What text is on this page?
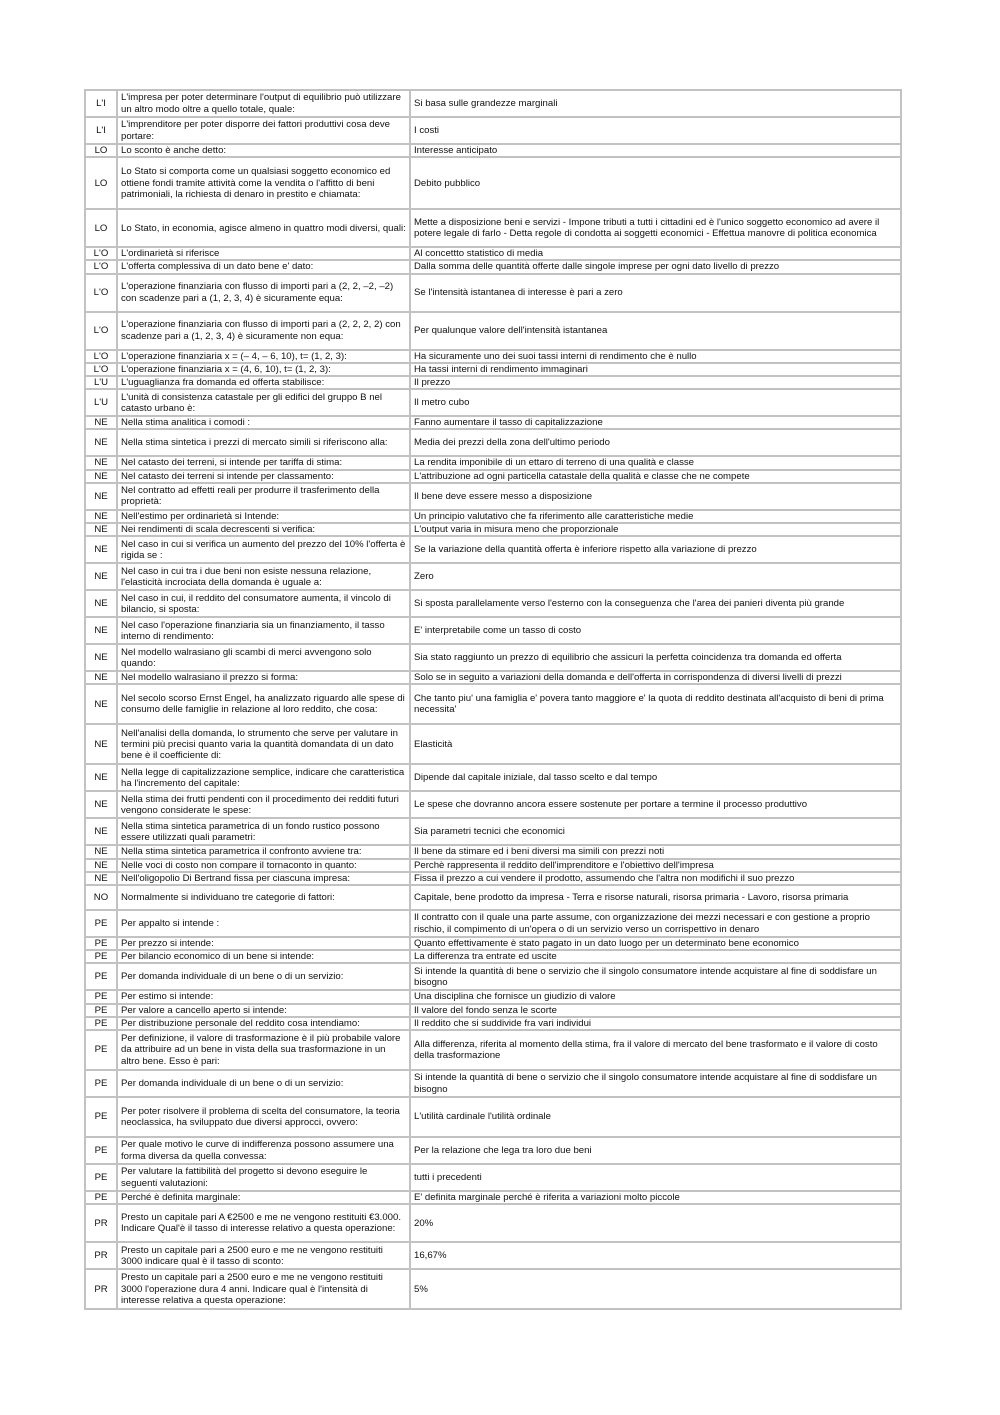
L'I	L'impresa per poter determinare l'output di equilibrio può utilizzare un altro modo oltre a quello totale, quale:	Si basa sulle grandezze marginali
L'I	L'imprenditore per poter disporre dei fattori produttivi cosa deve portare:	I costi
LO	Lo sconto è anche detto:	Interesse anticipato
LO	Lo Stato si comporta come un qualsiasi soggetto economico ed ottiene fondi tramite attività come la vendita o l'affitto di beni patrimoniali, la richiesta di denaro in prestito e chiamata:	Debito pubblico
LO	Lo Stato, in economia, agisce almeno in quattro modi diversi, quali:	Mette a disposizione beni e servizi - Impone tributi a tutti i cittadini ed è l'unico soggetto economico ad avere il potere legale di farlo - Detta regole di condotta ai soggetti economici - Effettua manovre di politica economica
L'O	L'ordinarietà si riferisce	Al concettto statistico di media
L'O	L'offerta complessiva di un dato bene e' dato:	Dalla somma delle quantità offerte dalle singole imprese per ogni dato livello di prezzo
L'O	L'operazione finanziaria con flusso di importi pari a (2, 2, –2, –2) con scadenze pari a (1, 2, 3, 4) è sicuramente equa:	Se l'intensità istantanea di interesse è pari a zero
L'O	L'operazione finanziaria con flusso di importi pari a (2, 2, 2, 2) con scadenze pari a (1, 2, 3, 4) è sicuramente non equa:	Per qualunque valore dell'intensità istantanea
L'O	L'operazione finanziaria x = (– 4, – 6, 10), t= (1, 2, 3):	Ha sicuramente uno dei suoi tassi interni di rendimento che è nullo
L'O	L'operazione finanziaria x = (4, 6, 10), t= (1, 2, 3):	Ha tassi interni di rendimento immaginari
L'U	L'uguaglianza fra domanda ed offerta stabilisce:	Il prezzo
L'U	L'unità di consistenza catastale per gli edifici del gruppo B nel catasto urbano è:	Il metro cubo
NE	Nella stima analitica i comodi :	Fanno aumentare il tasso di capitalizzazione
NE	Nella stima sintetica i prezzi di mercato simili si riferiscono alla:	Media dei prezzi della zona dell'ultimo periodo
NE	Nel catasto dei terreni, si intende per tariffa di stima:	La rendita imponibile di un ettaro di terreno di una qualità e classe
NE	Nel catasto dei terreni si intende per classamento:	L'attribuzione ad ogni particella catastale della qualità e classe che ne compete
NE	Nel contratto ad effetti reali per produrre il trasferimento della proprietà:	Il bene deve essere messo a disposizione
NE	Nell'estimo per ordinarietà si Intende:	Un principio valutativo che fa riferimento alle caratteristiche medie
NE	Nei rendimenti di scala decrescenti si verifica:	L'output varia in misura meno che proporzionale
NE	Nel caso in cui si verifica un aumento del prezzo del 10% l'offerta è rigida se :	Se la variazione della quantità offerta è inferiore rispetto alla variazione di prezzo
NE	Nel caso in cui tra i due beni non esiste nessuna relazione, l'elasticità incrociata della domanda è uguale a:	Zero
NE	Nel caso in cui, il reddito del consumatore aumenta, il vincolo di bilancio, si sposta:	Si sposta parallelamente verso l'esterno con la conseguenza che l'area dei panieri diventa più grande
NE	Nel caso l'operazione finanziaria sia un finanziamento, il tasso interno di rendimento:	E' interpretabile come un tasso di costo
NE	Nel modello walrasiano gli scambi di merci avvengono solo quando:	Sia stato raggiunto un prezzo di equilibrio che assicuri la perfetta coincidenza tra domanda ed offerta
NE	Nel modello walrasiano il prezzo si forma:	Solo se in seguito a variazioni della domanda e dell'offerta in corrispondenza di diversi livelli di prezzi
NE	Nel secolo scorso Ernst Engel, ha analizzato riguardo alle spese di consumo delle famiglie in relazione al loro reddito, che cosa:	Che tanto piu' una famiglia e' povera tanto maggiore e' la quota di reddito destinata all'acquisto di beni di prima necessita'
NE	Nell'analisi della domanda, lo strumento che serve per valutare in termini più precisi quanto varia la quantità domandata di un dato bene è il coefficiente di:	Elasticità
NE	Nella legge di capitalizzazione semplice, indicare che caratteristica ha l'incremento del capitale:	Dipende dal capitale iniziale, dal tasso scelto e dal tempo
NE	Nella stima dei frutti pendenti con il procedimento dei redditi futuri vengono considerate le spese:	Le spese che dovranno ancora essere sostenute per portare a termine il processo produttivo
NE	Nella stima sintetica parametrica di un fondo rustico possono essere utilizzati quali parametri:	Sia parametri tecnici che economici
NE	Nella stima sintetica parametrica il confronto avviene tra:	Il bene da stimare ed i beni diversi ma simili con prezzi noti
NE	Nelle voci di costo non compare il tornaconto in quanto:	Perchè rappresenta il reddito dell'imprenditore e l'obiettivo dell'impresa
NE	Nell'oligopolio Di Bertrand fissa per ciascuna impresa:	Fissa il prezzo a cui vendere il prodotto, assumendo che l'altra non modifichi il suo prezzo
NO	Normalmente si individuano tre categorie di fattori:	Capitale, bene prodotto da impresa - Terra e risorse naturali, risorsa primaria - Lavoro, risorsa primaria
PE	Per appalto si intende :	Il contratto con il quale una parte assume, con organizzazione dei mezzi necessari e con gestione a proprio rischio, il compimento di un'opera o di un servizio verso un corrispettivo in denaro
PE	Per prezzo si intende:	Quanto effettivamente è stato pagato in un dato luogo per un determinato bene economico
PE	Per bilancio economico di un bene si intende:	La differenza tra entrate ed uscite
PE	Per domanda individuale di un bene o di un servizio:	Si intende la quantità di bene o servizio che il singolo consumatore intende acquistare al fine di soddisfare un bisogno
PE	Per estimo si intende:	Una disciplina che fornisce un giudizio di valore
PE	Per valore a cancello aperto si intende:	Il valore del fondo senza le scorte
PE	Per distribuzione personale del reddito cosa intendiamo:	Il reddito che si suddivide fra vari individui
PE	Per definizione, il valore di trasformazione è il più probabile valore da attribuire ad un bene in vista della sua trasformazione in un altro bene. Esso è pari:	Alla differenza, riferita al momento della stima, fra il valore di mercato del bene trasformato e il valore di costo della trasformazione
PE	Per domanda individuale di un bene o di un servizio:	Si intende la quantità di bene o servizio che il singolo consumatore intende acquistare al fine di soddisfare un bisogno
PE	Per poter risolvere il problema di scelta del consumatore, la teoria neoclassica, ha sviluppato due diversi approcci, ovvero:	L'utilità cardinale l'utilità ordinale
PE	Per quale motivo le curve di indifferenza possono assumere una forma diversa da quella convessa:	Per la relazione che lega tra loro due beni
PE	Per valutare la fattibilità del progetto si devono eseguire le seguenti valutazioni:	tutti i precedenti
PE	Perché è definita marginale:	E' definita marginale perché è riferita a variazioni molto piccole
PR	Presto un capitale pari A €2500 e me ne vengono restituiti €3.000. Indicare Qual'è il tasso di interesse relativo a questa operazione:	20%
PR	Presto un capitale pari a 2500 euro e me ne vengono restituiti 3000 indicare qual è il tasso di sconto:	16,67%
PR	Presto un capitale pari a 2500 euro e me ne vengono restituiti 3000 l'operazione dura 4 anni. Indicare qual è l'intensità di interesse relativa a questa operazione:	5%
